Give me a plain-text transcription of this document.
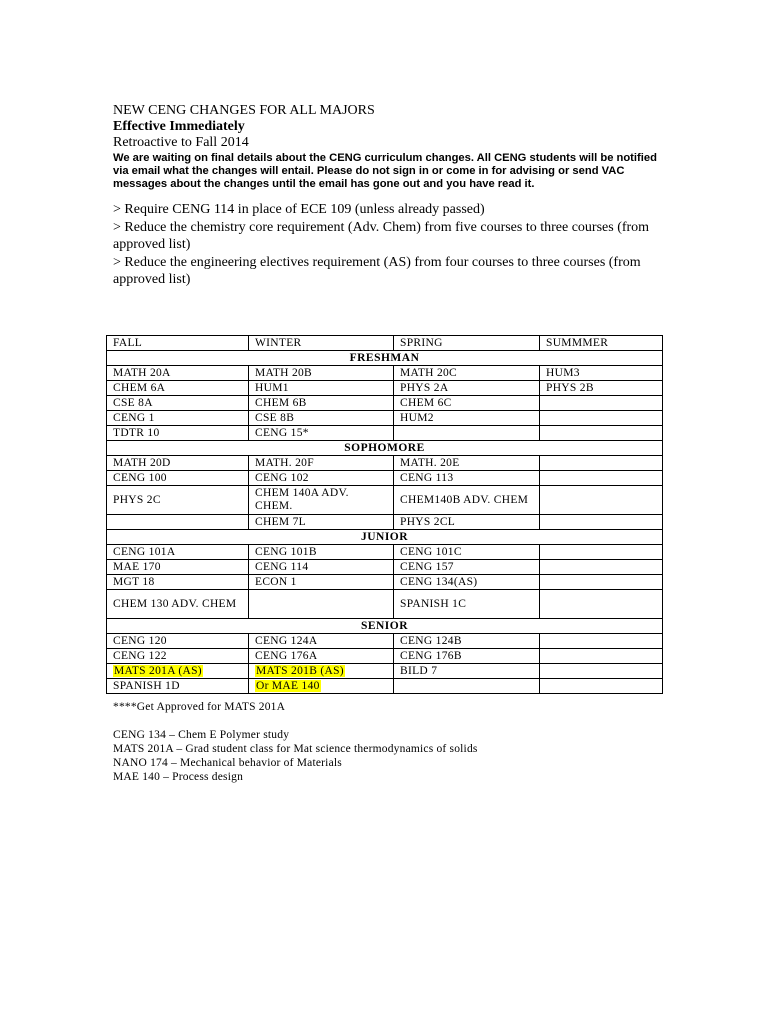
NEW CENG CHANGES FOR ALL MAJORS

Effective Immediately

Retroactive to Fall 2014

We are waiting on final details about the CENG curriculum changes. All CENG students will be notified via email what the changes will entail. Please do not sign in or come in for advising or send VAC messages about the changes until the email has gone out and you have read it.

> Require CENG 114 in place of ECE 109 (unless already passed)

> Reduce the chemistry core requirement (Adv. Chem) from five courses to three courses (from approved list)

> Reduce the engineering electives requirement (AS) from four courses to three courses (from approved list)

FALL	WINTER	SPRING	SUMMMER
FRESHMAN			
MATH 20A	MATH 20B	MATH 20C	HUM3
CHEM 6A	HUM1	PHYS 2A	PHYS 2B
CSE 8A	CHEM 6B	CHEM 6C	
CENG 1	CSE 8B	HUM2	
TDTR 10	CENG 15*		
SOPHOMORE			
MATH 20D	MATH. 20F	MATH. 20E	
CENG 100	CENG 102	CENG 113	
PHYS 2C	CHEM 140A ADV. CHEM.	CHEM140B ADV. CHEM	
	CHEM 7L	PHYS 2CL	
JUNIOR			
CENG 101A	CENG 101B	CENG 101C	
MAE 170	CENG 114	CENG 157	
MGT 18	ECON 1	CENG 134(AS)	
CHEM 130 ADV. CHEM		SPANISH 1C	
SENIOR			
CENG 120	CENG 124A	CENG 124B	
CENG 122	CENG 176A	CENG 176B	
MATS 201A (AS)	MATS 201B (AS)	BILD 7	
SPANISH 1D	Or MAE 140		

****Get Approved for MATS 201A

CENG 134 – Chem E Polymer study

MATS 201A – Grad student class for Mat science thermodynamics of solids

NANO 174 – Mechanical behavior of Materials

MAE 140 – Process design
